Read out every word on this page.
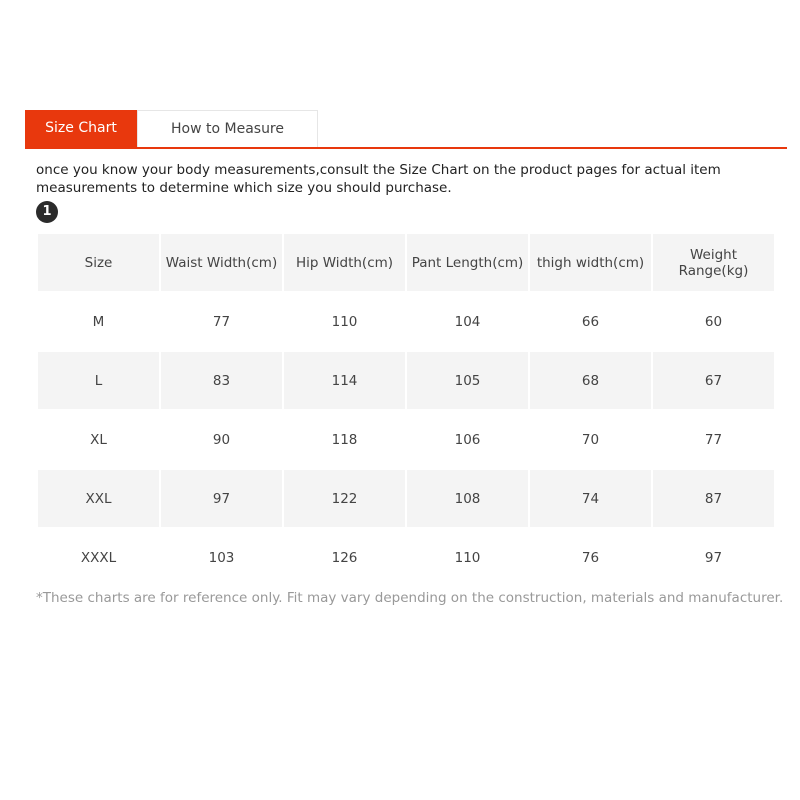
Size Chart	How to Measure
once you know your body measurements,consult the Size Chart on the product pages for actual item measurements to determine which size you should purchase.
1
Size	Waist Width(cm)	Hip Width(cm)	Pant Length(cm)	thigh width(cm)	Weight Range(kg)
M	77	110	104	66	60
L	83	114	105	68	67
XL	90	118	106	70	77
XXL	97	122	108	74	87
XXXL	103	126	110	76	97
*These charts are for reference only. Fit may vary depending on the construction, materials and manufacturer.
